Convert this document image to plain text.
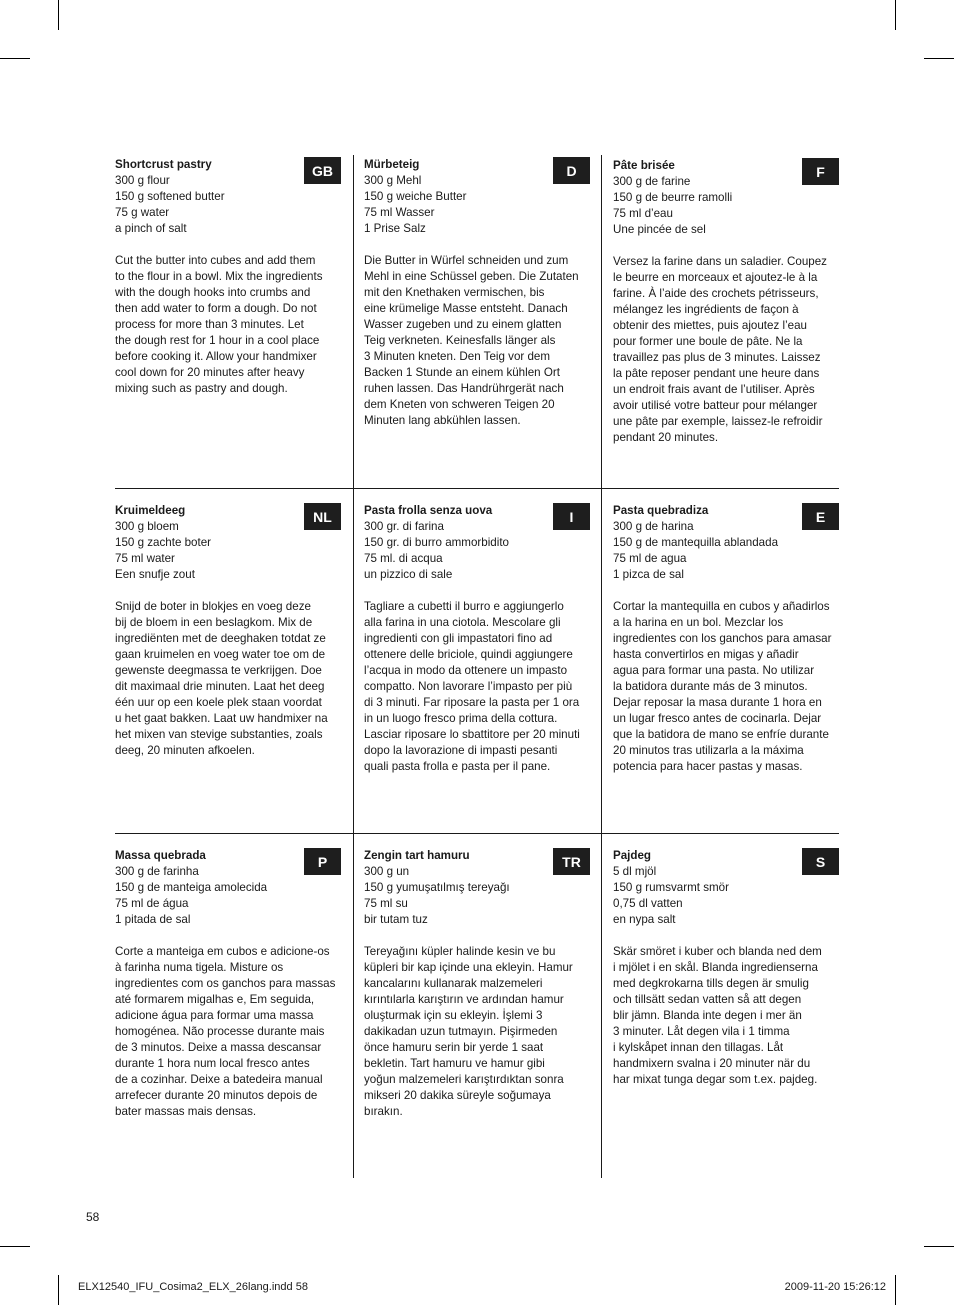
GB
Shortcrust pastry
300 g flour
150 g softened butter
75 g water
a pinch of salt
Cut the butter into cubes and add them
to the flour in a bowl. Mix the ingredients
with the dough hooks into crumbs and
then add water to form a dough. Do not
process for more than 3 minutes. Let
the dough rest for 1 hour in a cool place
before cooking it. Allow your handmixer
cool down for 20 minutes after heavy
mixing such as pastry and dough.
D
Mürbeteig
300 g Mehl
150 g weiche Butter
75 ml Wasser
1 Prise Salz
Die Butter in Würfel schneiden und zum
Mehl in eine Schüssel geben. Die Zutaten
mit den Knethaken vermischen, bis
eine krümelige Masse entsteht. Danach
Wasser zugeben und zu einem glatten
Teig verkneten. Keinesfalls länger als
3 Minuten kneten. Den Teig vor dem
Backen 1 Stunde an einem kühlen Ort
ruhen lassen. Das Handrührgerät nach
dem Kneten von schweren Teigen 20
Minuten lang abkühlen lassen.
F
Pâte brisée
300 g de farine
150 g de beurre ramolli
75 ml d’eau
Une pincée de sel
Versez la farine dans un saladier. Coupez
le beurre en morceaux et ajoutez-le à la
farine. À l’aide des crochets pétrisseurs,
mélangez les ingrédients de façon à
obtenir des miettes, puis ajoutez l’eau
pour former une boule de pâte. Ne la
travaillez pas plus de 3 minutes. Laissez
la pâte reposer pendant une heure dans
un endroit frais avant de l’utiliser. Après
avoir utilisé votre batteur pour mélanger
une pâte par exemple, laissez-le refroidir
pendant 20 minutes.
NL
Kruimeldeeg
300 g bloem
150 g zachte boter
75 ml water
Een snufje zout
Snijd de boter in blokjes en voeg deze
bij de bloem in een beslagkom. Mix de
ingrediënten met de deeghaken totdat ze
gaan kruimelen en voeg water toe om de
gewenste deegmassa te verkrijgen. Doe
dit maximaal drie minuten. Laat het deeg
één uur op een koele plek staan voordat
u het gaat bakken. Laat uw handmixer na
het mixen van stevige substanties, zoals
deeg, 20 minuten afkoelen.
I
Pasta frolla senza uova
300 gr. di farina
150 gr. di burro ammorbidito
75 ml. di acqua
un pizzico di sale
Tagliare a cubetti il burro e aggiungerlo
alla farina in una ciotola. Mescolare gli
ingredienti con gli impastatori fino ad
ottenere delle briciole, quindi aggiungere
l’acqua in modo da ottenere un impasto
compatto. Non lavorare l’impasto per più
di 3 minuti. Far riposare la pasta per 1 ora
in un luogo fresco prima della cottura.
Lasciar riposare lo sbattitore per 20 minuti
dopo la lavorazione di impasti pesanti
quali pasta frolla e pasta per il pane.
E
Pasta quebradiza
300 g de harina
150 g de mantequilla ablandada
75 ml de agua
1 pizca de sal
Cortar la mantequilla en cubos y añadirlos
a la harina en un bol. Mezclar los
ingredientes con los ganchos para amasar
hasta convertirlos en migas y añadir
agua para formar una pasta. No utilizar
la batidora durante más de 3 minutos.
Dejar reposar la masa durante 1 hora en
un lugar fresco antes de cocinarla. Dejar
que la batidora de mano se enfríe durante
20 minutos tras utilizarla a la máxima
potencia para hacer pastas y masas.
P
Massa quebrada
300 g de farinha
150 g de manteiga amolecida
75 ml de água
1 pitada de sal
Corte a manteiga em cubos e adicione-os
à farinha numa tigela. Misture os
ingredientes com os ganchos para massas
até formarem migalhas e, Em seguida,
adicione água para formar uma massa
homogénea. Não processe durante mais
de 3 minutos. Deixe a massa descansar
durante 1 hora num local fresco antes
de a cozinhar. Deixe a batedeira manual
arrefecer durante 20 minutos depois de
bater massas mais densas.
TR
Zengin tart hamuru
300 g un
150 g yumuşatılmış tereyağı
75 ml su
bir tutam tuz
Tereyağını küpler halinde kesin ve bu
küpleri bir kap içinde una ekleyin. Hamur
kancalarını kullanarak malzemeleri
kırıntılarla karıştırın ve ardından hamur
oluşturmak için su ekleyin. İşlemi 3
dakikadan uzun tutmayın. Pişirmeden
önce hamuru serin bir yerde 1 saat
bekletin. Tart hamuru ve hamur gibi
yoğun malzemeleri karıştırdıktan sonra
mikseri 20 dakika süreyle soğumaya
bırakın.
S
Pajdeg
5 dl mjöl
150 g rumsvarmt smör
0,75 dl vatten
en nypa salt
Skär smöret i kuber och blanda ned dem
i mjölet i en skål. Blanda ingredienserna
med degkrokarna tills degen är smulig
och tillsätt sedan vatten så att degen
blir jämn. Blanda inte degen i mer än
3 minuter. Låt degen vila i 1 timma
i kylskåpet innan den tillagas. Låt
handmixern svalna i 20 minuter när du
har mixat tunga degar som t.ex. pajdeg.
58
ELX12540_IFU_Cosima2_ELX_26lang.indd 58	2009-11-20 15:26:12
